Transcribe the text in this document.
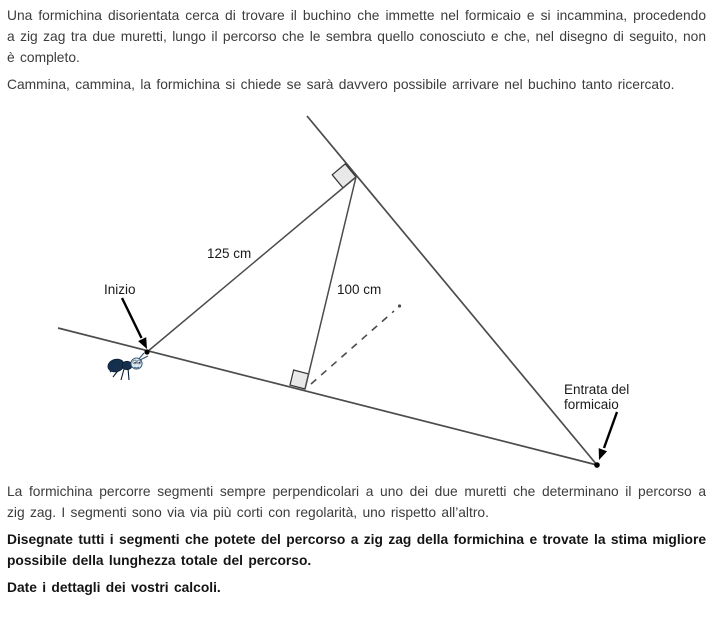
Una formichina disorientata cerca di trovare il buchino che immette nel formicaio e si incammina, procedendo a zig zag tra due muretti, lungo il percorso che le sembra quello conosciuto e che, nel disegno di seguito, non è completo.

Cammina, cammina, la formichina si chiede se sarà davvero possibile arrivare nel buchino tanto ricercato.

125 cm
100 cm
Inizio
Entrata del
formicaio

La formichina percorre segmenti sempre perpendicolari a uno dei due muretti che determinano il percorso a zig zag. I segmenti sono via via più corti con regolarità, uno rispetto all’altro.

Disegnate tutti i segmenti che potete del percorso a zig zag della formichina e trovate la stima migliore possibile della lunghezza totale del percorso.

Date i dettagli dei vostri calcoli.
